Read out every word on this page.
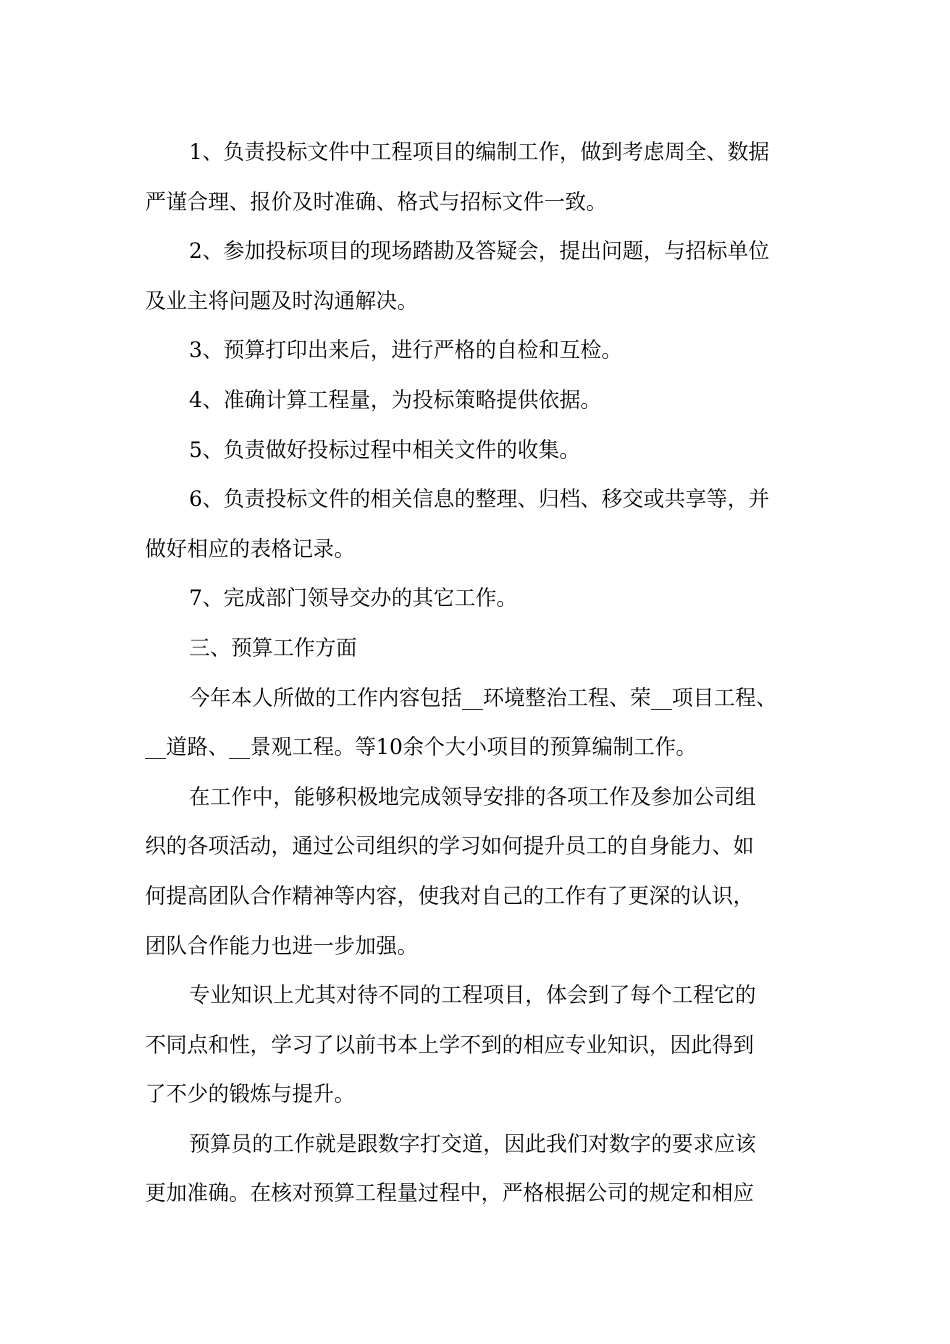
1、负责投标文件中工程项目的编制工作，做到考虑周全、数据
严谨合理、报价及时准确、格式与招标文件一致。
2、参加投标项目的现场踏勘及答疑会，提出问题，与招标单位
及业主将问题及时沟通解决。
3、预算打印出来后，进行严格的自检和互检。
4、准确计算工程量，为投标策略提供依据。
5、负责做好投标过程中相关文件的收集。
6、负责投标文件的相关信息的整理、归档、移交或共享等，并
做好相应的表格记录。
7、完成部门领导交办的其它工作。
三、预算工作方面
今年本人所做的工作内容包括__环境整治工程、荣__项目工程、
__道路、__景观工程。等10余个大小项目的预算编制工作。
在工作中，能够积极地完成领导安排的各项工作及参加公司组
织的各项活动，通过公司组织的学习如何提升员工的自身能力、如
何提高团队合作精神等内容，使我对自己的工作有了更深的认识，
团队合作能力也进一步加强。
专业知识上尤其对待不同的工程项目，体会到了每个工程它的
不同点和性，学习了以前书本上学不到的相应专业知识，因此得到
了不少的锻炼与提升。
预算员的工作就是跟数字打交道，因此我们对数字的要求应该
更加准确。在核对预算工程量过程中，严格根据公司的规定和相应
